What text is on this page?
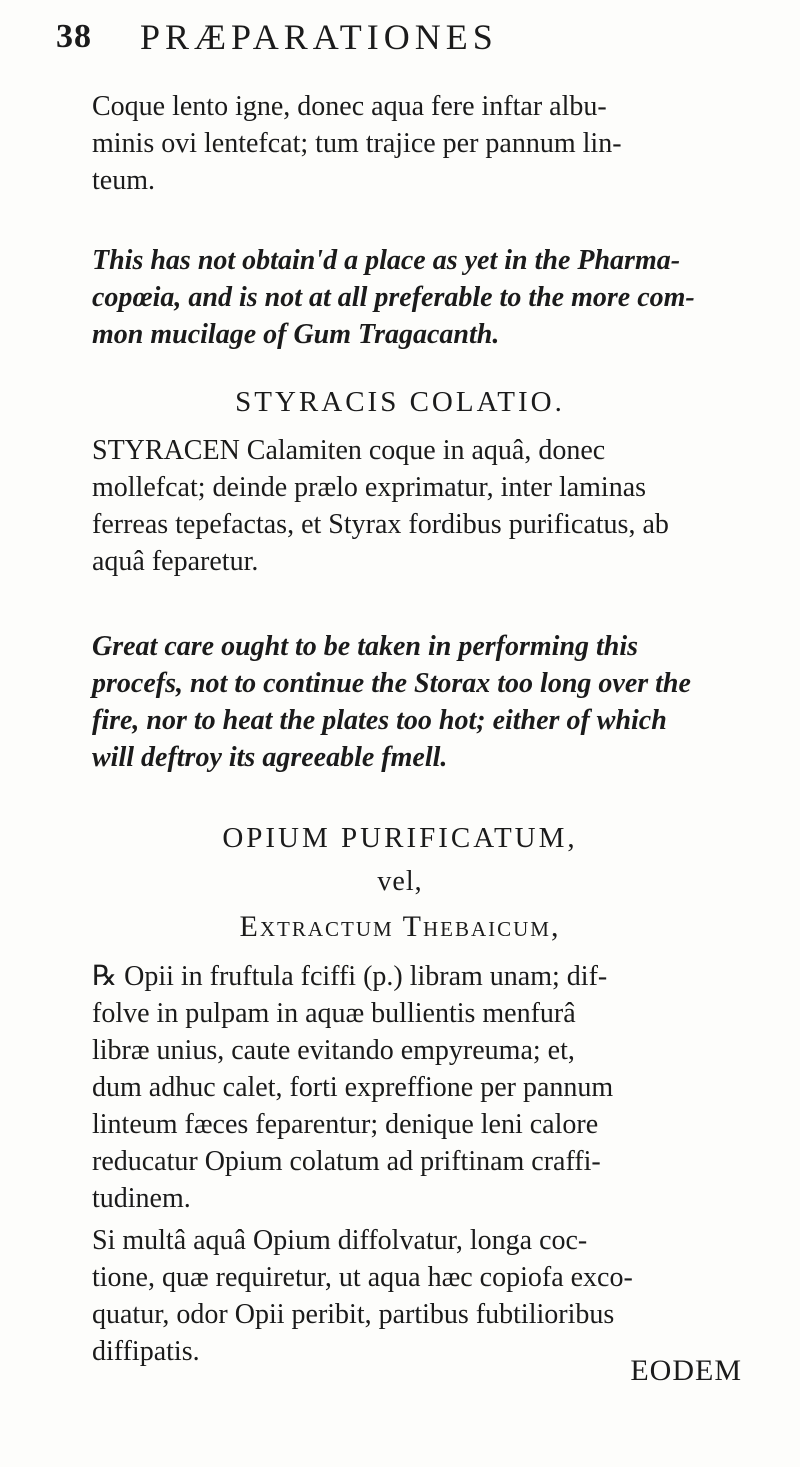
38 PRÆPARATIONES
Coque lento igne, donec aqua fere inftar albu-
minis ovi lentefcat; tum trajice per pannum lin-
teum.
This has not obtain'd a place as yet in the Pharma-
copœia, and is not at all preferable to the more com-
mon mucilage of Gum Tragacanth.
STYRACIS COLATIO.
STYRACEN Calamiten coque in aquâ, donec
mollefcat; deinde prælo exprimatur, inter laminas
ferreas tepefactas, et Styrax fordibus purificatus, ab
aquâ feparetur.
Great care ought to be taken in performing this
procefs, not to continue the Storax too long over the
fire, nor to heat the plates too hot; either of which
will deftroy its agreeable fmell.
OPIUM PURIFICATUM,
vel,
Extractum Thebaicum,
℞ Opii in fruftula fciffi (p.) libram unam; dif-
folve in pulpam in aquæ bullientis menfurâ
libræ unius, caute evitando empyreuma; et,
dum adhuc calet, forti expreffione per pannum
linteum fæces feparentur; denique leni calore
reducatur Opium colatum ad priftinam craffi-
tudinem.
Si multâ aquâ Opium diffolvatur, longa coc-
tione, quæ requiretur, ut aqua hæc copiofa exco-
quatur, odor Opii peribit, partibus fubtilioribus
diffipatis.
EODEM
